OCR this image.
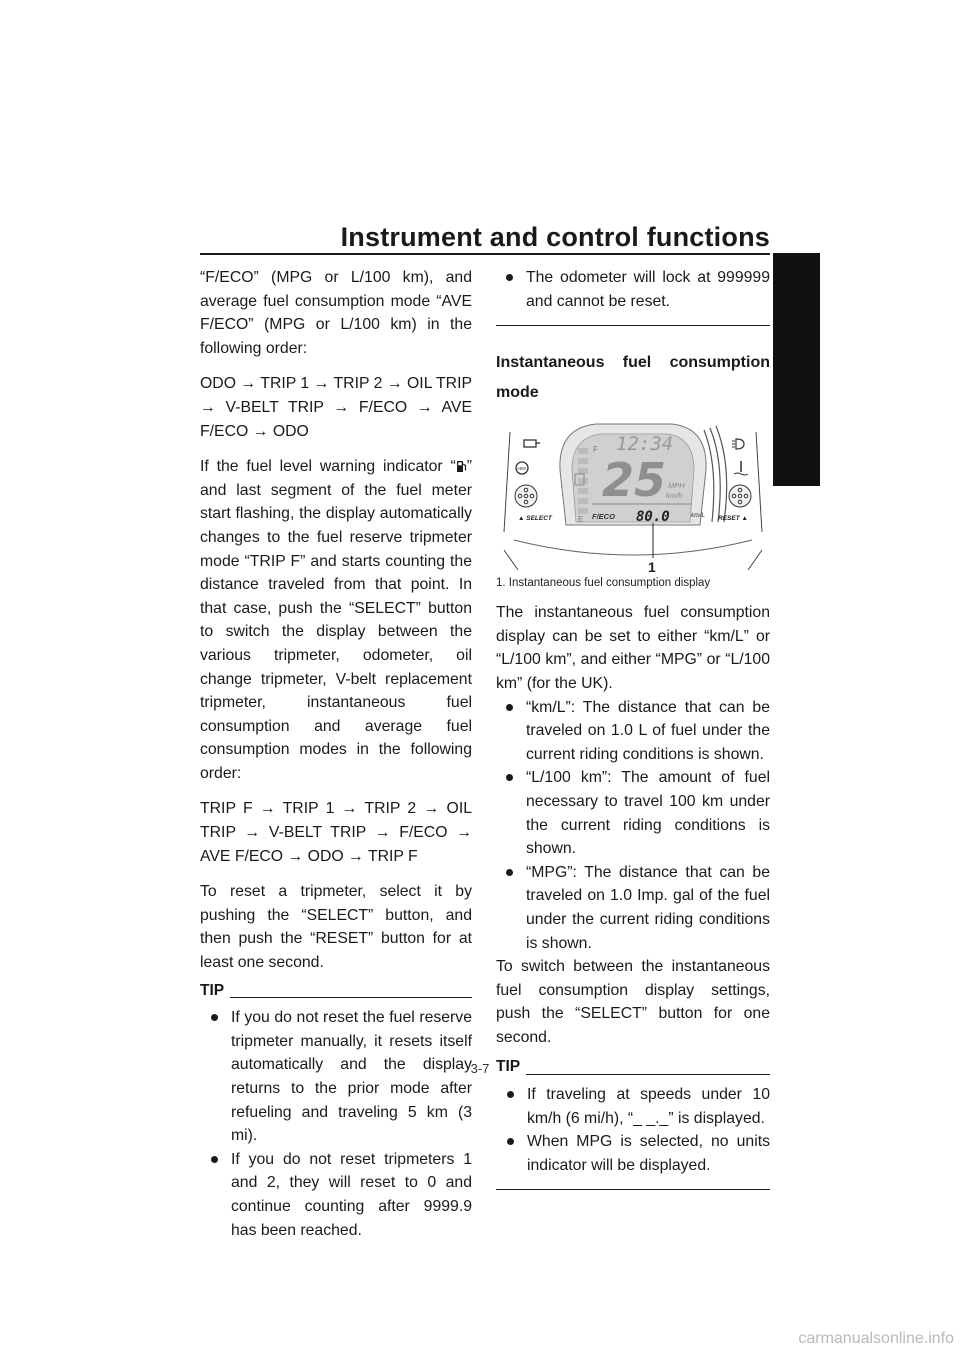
Instrument and control functions
3

“F/ECO” (MPG or L/100 km), and average fuel consumption mode “AVE F/ECO” (MPG or L/100 km) in the following order:

ODO → TRIP 1 → TRIP 2 → OIL TRIP → V-BELT TRIP → F/ECO → AVE F/ECO → ODO

If the fuel level warning indicator “ ” and last segment of the fuel meter start flashing, the display automatically changes to the fuel reserve tripmeter mode “TRIP F” and starts counting the distance traveled from that point. In that case, push the “SELECT” button to switch the display between the various tripmeter, odometer, oil change tripmeter, V-belt replacement tripmeter, instantaneous fuel consumption and average fuel consumption modes in the following order:

TRIP F → TRIP 1 → TRIP 2 → OIL TRIP → V-BELT TRIP → F/ECO → AVE F/ECO → ODO → TRIP F

To reset a tripmeter, select it by pushing the “SELECT” button, and then push the “RESET” button for at least one second.

TIP
If you do not reset the fuel reserve tripmeter manually, it resets itself automatically and the display returns to the prior mode after refueling and traveling 5 km (3 mi).
If you do not reset tripmeters 1 and 2, they will reset to 0 and continue counting after 9999.9 has been reached.
The odometer will lock at 999999 and cannot be reset.
Instantaneous fuel consumption
mode
F
E
12:34
25 MPH
km/h
F/ECO 80.0	km/L
ABS
▲ SELECT	RESET ▲
1
1. Instantaneous fuel consumption display

The instantaneous fuel consumption display can be set to either “km/L” or “L/100 km”, and either “MPG” or “L/100 km” (for the UK).

“km/L”: The distance that can be traveled on 1.0 L of fuel under the current riding conditions is shown.
“L/100 km”: The amount of fuel necessary to travel 100 km under the current riding conditions is shown.
“MPG”: The distance that can be traveled on 1.0 Imp. gal of the fuel under the current riding conditions is shown.

To switch between the instantaneous fuel consumption display settings, push the “SELECT” button for one second.

TIP
If traveling at speeds under 10 km/h (6 mi/h), “_ _._” is displayed.
When MPG is selected, no units indicator will be displayed.
3-7
carmanualsonline.info
